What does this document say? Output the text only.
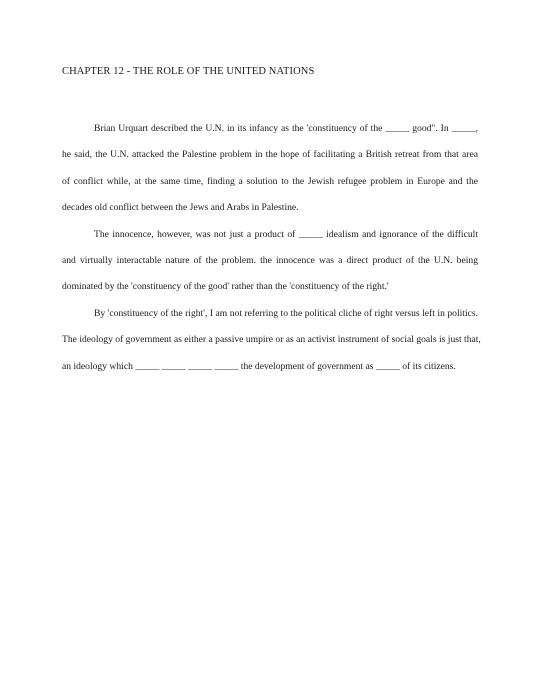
CHAPTER 12 - THE ROLE OF THE UNITED NATIONS
Brian Urquart described the U.N. in its infancy as the 'constituency of the _____ good". In _____,
he said, the U.N. attacked the Palestine problem in the hope of facilitating a British retreat from that area
of conflict while, at the same time, finding a solution to the Jewish refugee problem in Europe and the
decades old conflict between the Jews and Arabs in Palestine.
The innocence, however, was not just a product of _____ idealism and ignorance of the difficult
and virtually interactable nature of the problem. the innocence was a direct product of the U.N. being
dominated by the 'constituency of the good' rather than the 'constituency of the right.'
By 'constituency of the right', I am not referring to the political cliche of right versus left in politics.
The ideology of government as either a passive umpire or as an activist instrument of social goals is just that,
an ideology which _____ _____ _____ _____ the development of government as _____ of its citizens.
